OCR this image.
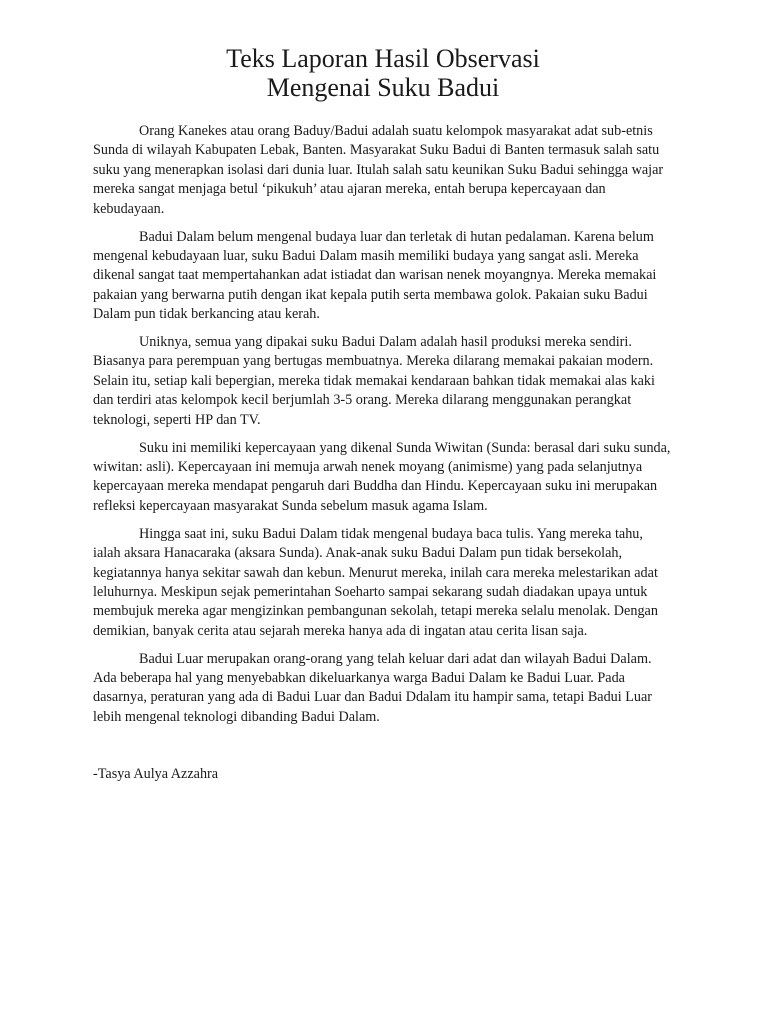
Teks Laporan Hasil Observasi
Mengenai Suku Badui

Orang Kanekes atau orang Baduy/Badui adalah suatu kelompok masyarakat adat sub-etnis Sunda di wilayah Kabupaten Lebak, Banten. Masyarakat Suku Badui di Banten termasuk salah satu suku yang menerapkan isolasi dari dunia luar. Itulah salah satu keunikan Suku Badui sehingga wajar mereka sangat menjaga betul ‘pikukuh’ atau ajaran mereka, entah berupa kepercayaan dan kebudayaan.

Badui Dalam belum mengenal budaya luar dan terletak di hutan pedalaman. Karena belum mengenal kebudayaan luar, suku Badui Dalam masih memiliki budaya yang sangat asli. Mereka dikenal sangat taat mempertahankan adat istiadat dan warisan nenek moyangnya. Mereka memakai pakaian yang berwarna putih dengan ikat kepala putih serta membawa golok. Pakaian suku Badui Dalam pun tidak berkancing atau kerah.

Uniknya, semua yang dipakai suku Badui Dalam adalah hasil produksi mereka sendiri. Biasanya para perempuan yang bertugas membuatnya. Mereka dilarang memakai pakaian modern. Selain itu, setiap kali bepergian, mereka tidak memakai kendaraan bahkan tidak memakai alas kaki dan terdiri atas kelompok kecil berjumlah 3-5 orang. Mereka dilarang menggunakan perangkat teknologi, seperti HP dan TV.

Suku ini memiliki kepercayaan yang dikenal Sunda Wiwitan (Sunda: berasal dari suku sunda, wiwitan: asli). Kepercayaan ini memuja arwah nenek moyang (animisme) yang pada selanjutnya kepercayaan mereka mendapat pengaruh dari Buddha dan Hindu. Kepercayaan suku ini merupakan refleksi kepercayaan masyarakat Sunda sebelum masuk agama Islam.

Hingga saat ini, suku Badui Dalam tidak mengenal budaya baca tulis. Yang mereka tahu, ialah aksara Hanacaraka (aksara Sunda). Anak-anak suku Badui Dalam pun tidak bersekolah, kegiatannya hanya sekitar sawah dan kebun. Menurut mereka, inilah cara mereka melestarikan adat leluhurnya. Meskipun sejak pemerintahan Soeharto sampai sekarang sudah diadakan upaya untuk membujuk mereka agar mengizinkan pembangunan sekolah, tetapi mereka selalu menolak. Dengan demikian, banyak cerita atau sejarah mereka hanya ada di ingatan atau cerita lisan saja.

Badui Luar merupakan orang-orang yang telah keluar dari adat dan wilayah Badui Dalam. Ada beberapa hal yang menyebabkan dikeluarkanya warga Badui Dalam ke Badui Luar. Pada dasarnya, peraturan yang ada di Badui Luar dan Badui Ddalam itu hampir sama, tetapi Badui Luar lebih mengenal teknologi dibanding Badui Dalam.

-Tasya Aulya Azzahra
